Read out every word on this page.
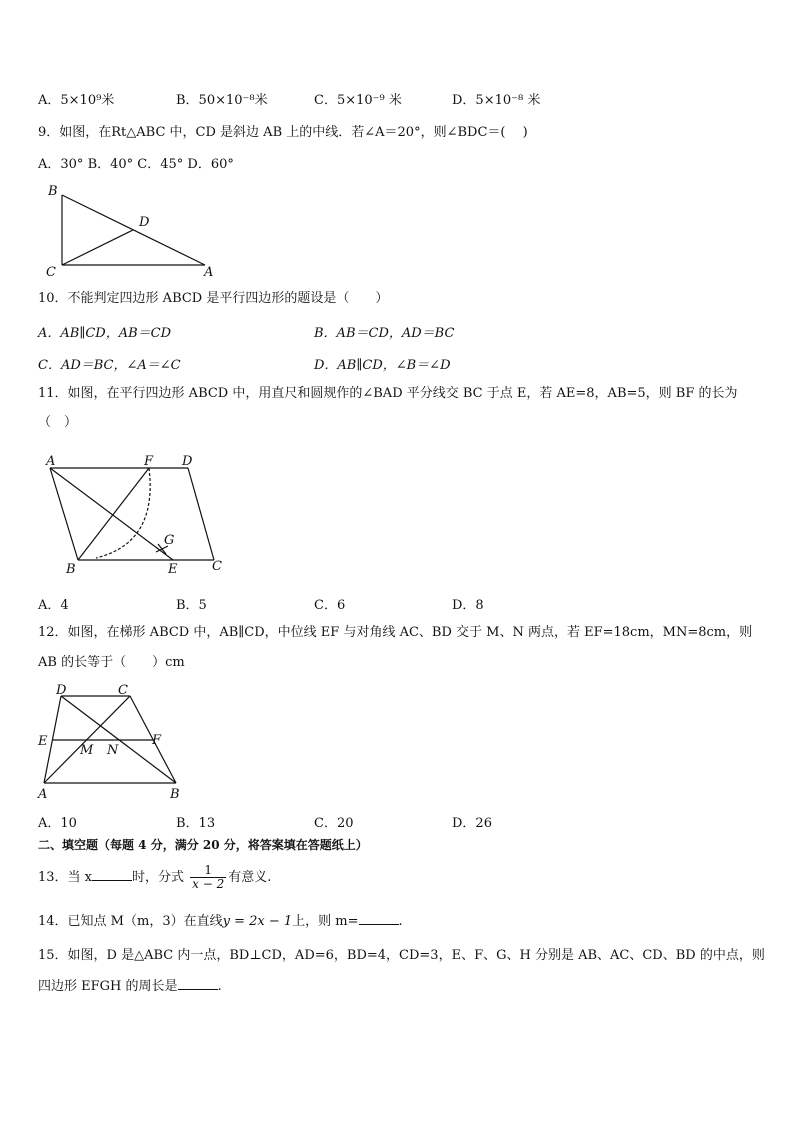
A．5×10⁹米	B．50×10⁻⁸米	C．5×10⁻⁹ 米	D．5×10⁻⁸ 米
9．如图，在Rt△ABC 中，CD 是斜边 AB 上的中线．若∠A＝20°，则∠BDC＝(　 )
A．30° B．40° C．45° D．60°
B
D
C	A
10．不能判定四边形 ABCD 是平行四边形的题设是（　　）
A．AB∥CD，AB＝CD	B．AB＝CD，AD＝BC
C．AD＝BC，∠A＝∠C	D．AB∥CD，∠B＝∠D
11．如图，在平行四边形 ABCD 中，用直尺和圆规作的∠BAD 平分线交 BC 于点 E，若 AE=8，AB=5，则 BF 的长为
（　）
A	F D
B	E	C
G
A．4	B．5	C．6	D．8
12．如图，在梯形 ABCD 中，AB∥CD，中位线 EF 与对角线 AC、BD 交于 M、N 两点，若 EF=18cm，MN=8cm，则
AB 的长等于（　　）cm
D	C
E	F
M N
A	B
A．10	B．13	C．20	D．26
二、填空题（每题 4 分，满分 20 分，将答案填在答题纸上）
13．当 x	时，分式 $\frac{1}{x - 2}$ 有意义.
14．已知点 M（m，3）在直线y = 2x − 1上，则 m=	.
15．如图，D 是△ABC 内一点，BD⊥CD，AD=6，BD=4，CD=3，E、F、G、H 分别是 AB、AC、CD、BD 的中点，则
四边形 EFGH 的周长是	.
